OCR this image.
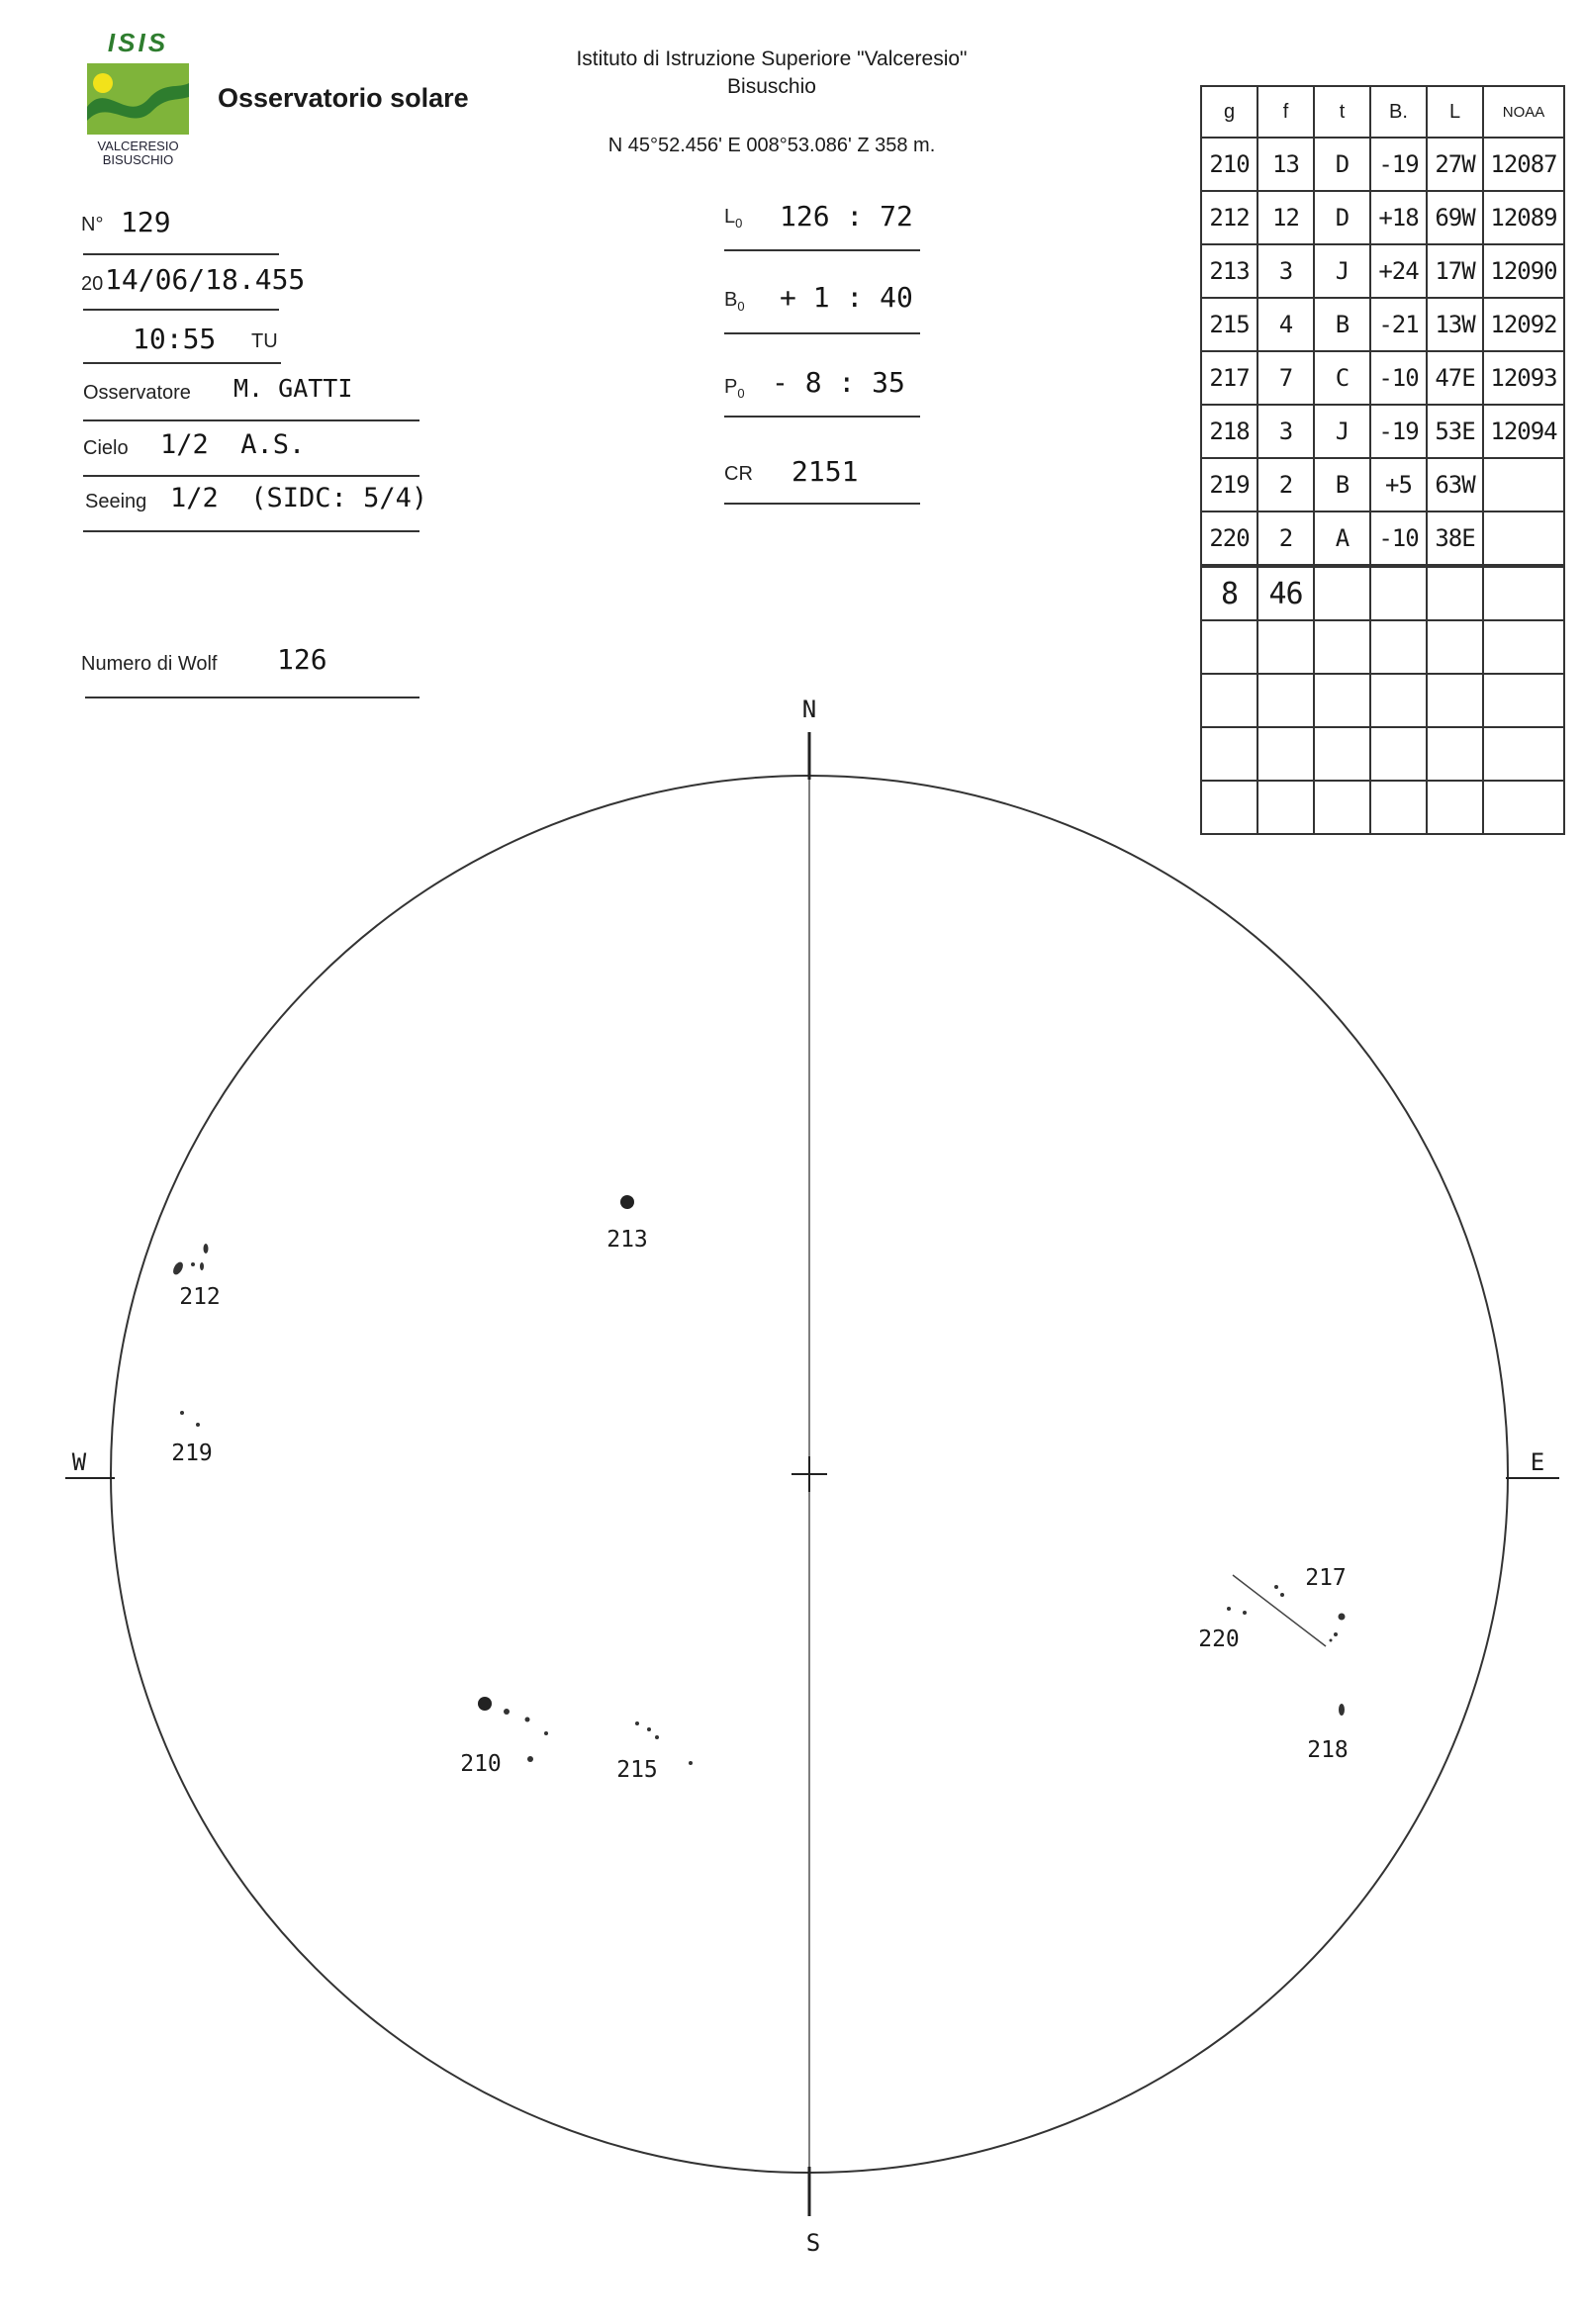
ISIS
VALCERESIO
BISUSCHIO
Osservatorio solare
Istituto di Istruzione Superiore "Valceresio"
Bisuschio
N 45°52.456' E 008°53.086' Z 358 m.
N° 129
20 14/06/18.455
10:55 TU
Osservatore M. GATTI
Cielo 1/2  A.S.
Seeing 1/2  (SIDC: 5/4)
Numero di Wolf 126
$L_0$ 126 : 72
$B_0 + 1$ : 40
$P_0 - 8$ : 35
CR 2151
g	f	t	B.	L	NOAA
210	13	D	-19	27W	12087
212	12	D	+18	69W	12089
213	3	J	+24	17W	12090
215	4	B	-21	13W	12092
217	7	C	-10	47E	12093
218	3	J	-19	53E	12094
219	2	B	+5	63W	
220	2	A	-10	38E	
8	46				

N
S
W	E
213
212
219
217
220
218
210	215
